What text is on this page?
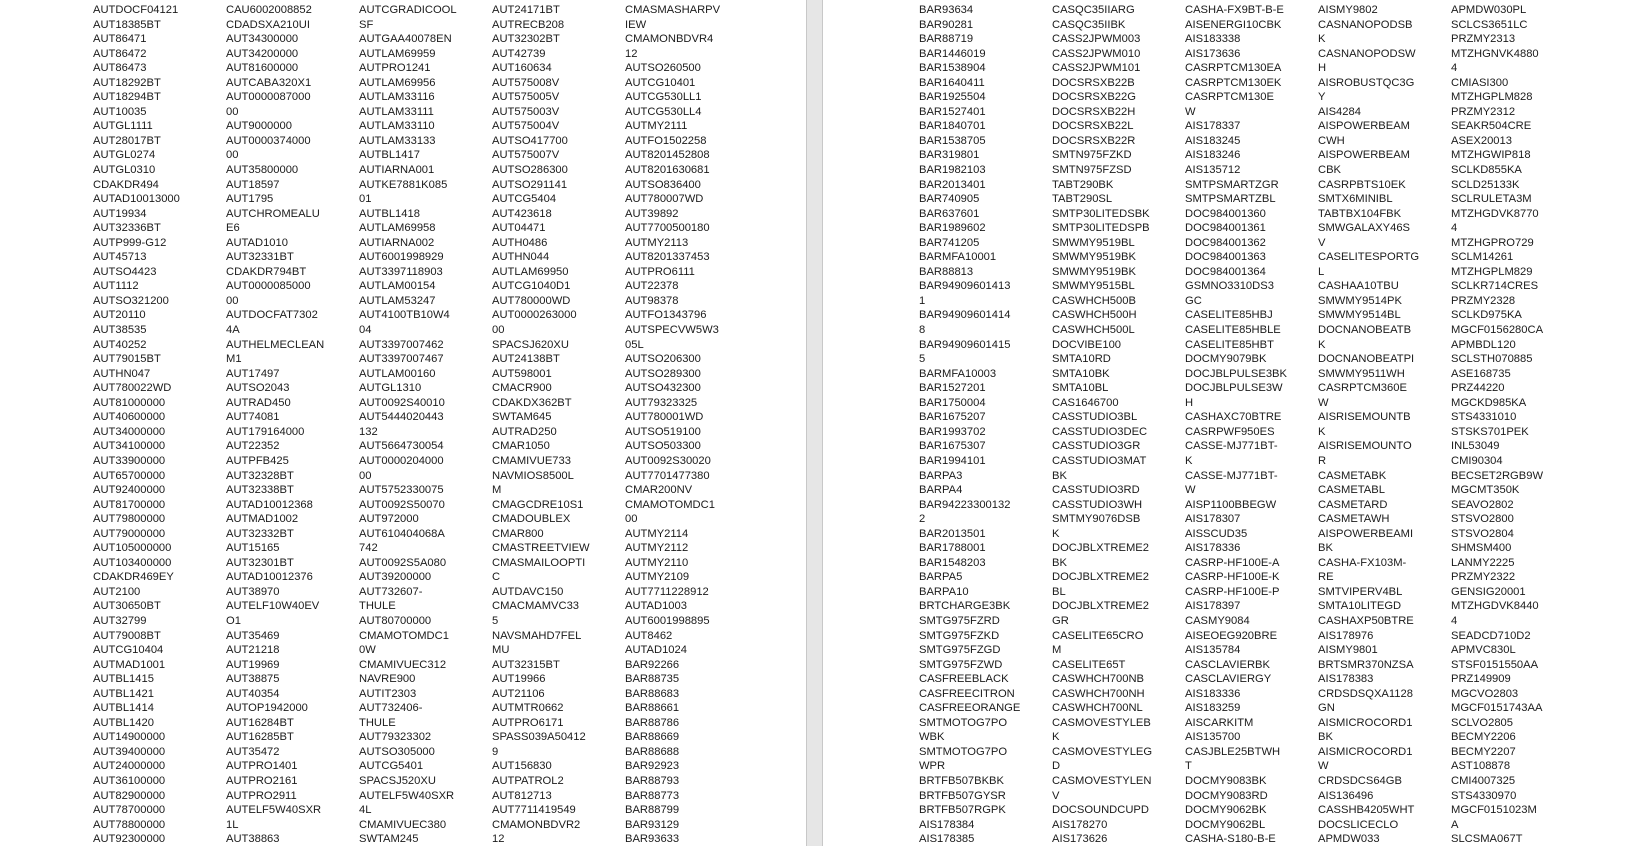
AUTDOCF04121
AUT18385BT
AUT86471
AUT86472
AUT86473
AUT18292BT
AUT18294BT
AUT10035
AUTGL1111
AUT28017BT
AUTGL0274
AUTGL0310
CDAKDR494
AUTAD10013000
AUT19934
AUT32336BT
AUTP999-G12
AUT45713
AUTSO4423
AUT1112
AUTSO321200
AUT20110
AUT38535
AUT40252
AUT79015BT
AUTHN047
AUT780022WD
AUT81000000
AUT40600000
AUT34000000
AUT34100000
AUT33900000
AUT65700000
AUT92400000
AUT81700000
AUT79800000
AUT79000000
AUT105000000
AUT103400000
CDAKDR469EY
AUT2100
AUT30650BT
AUT32799
AUT79008BT
AUTCG10404
AUTMAD1001
AUTBL1415
AUTBL1421
AUTBL1414
AUTBL1420
AUT14900000
AUT39400000
AUT24000000
AUT36100000
AUT82900000
AUT78700000
AUT78800000
AUT92300000
CAU6002008852
CDADSXA210UI
AUT34300000
AUT34200000
AUT81600000
AUTCABA320X1
AUT0000087000
00
AUT9000000
AUT0000374000
00
AUT35800000
AUT18597
AUT1795
AUTCHROMEALU
E6
AUTAD1010
AUT32331BT
CDAKDR794BT
AUT0000085000
00
AUTDOCFAT7302
4A
AUTHELMECLEAN
M1
AUT17497
AUTSO2043
AUTRAD450
AUT74081
AUT179164000
AUT22352
AUTPFB425
AUT32328BT
AUT32338BT
AUTAD10012368
AUTMAD1002
AUT32332BT
AUT15165
AUT32301BT
AUTAD10012376
AUT38970
AUTELF10W40EV
O1
AUT35469
AUT21218
AUT19969
AUT38875
AUT40354
AUTOP1942000
AUT16284BT
AUT16285BT
AUT35472
AUTPRO1401
AUTPRO2161
AUTPRO2911
AUTELF5W40SXR
1L
AUT38863
AUTCGRADICOOL
SF
AUTGAA40078EN
AUTLAM69959
AUTPRO1241
AUTLAM69956
AUTLAM33116
AUTLAM33111
AUTLAM33110
AUTLAM33133
AUTBL1417
AUTIARNA001
AUTKE7881K085
01
AUTBL1418
AUTLAM69958
AUTIARNA002
AUT6001998929
AUT3397118903
AUTLAM00154
AUTLAM53247
AUT4100TB10W4
04
AUT3397007462
AUT3397007467
AUTLAM00160
AUTGL1310
AUT0092S40010
AUT5444020443
132
AUT5664730054
AUT0000204000
00
AUT5752330075
AUT0092S50070
AUT972000
AUT610404068A
742
AUT0092S5A080
AUT39200000
AUT732607-
THULE
AUT80700000
CMAMOTOMDC1
0W
CMAMIVUEC312
NAVRE900
AUTIT2303
AUT732406-
THULE
AUT79323302
AUTSO305000
AUTCG5401
SPACSJ520XU
AUTELF5W40SXR
4L
CMAMIVUEC380
SWTAM245
AUT24171BT
AUTRECB208
AUT32302BT
AUT42739
AUT160634
AUT575008V
AUT575005V
AUT575003V
AUT575004V
AUTSO417700
AUT575007V
AUTSO286300
AUTSO291141
AUTCG5404
AUT423618
AUT04471
AUTH0486
AUTHN044
AUTLAM69950
AUTCG1040D1
AUT780000WD
AUT0000263000
00
SPACSJ620XU
AUT24138BT
AUT598001
CMACR900
CDAKDX362BT
SWTAM645
AUTRAD250
CMAR1050
CMAMIVUE733
NAVMIOS8500L
M
CMAGCDRE10S1
CMADOUBLEX
CMAR800
CMASTREETVIEW
CMASMAILOOPTI
C
AUTDAVC150
CMACMAMVC33
5
NAVSMAHD7FEL
MU
AUT32315BT
AUT19966
AUT21106
AUTMTR0662
AUTPRO6171
SPASS039A50412
9
AUT156830
AUTPATROL2
AUT812713
AUT7711419549
CMAMONBDVR2
12
CMASMASHARPV
IEW
CMAMONBDVR4
12
AUTSO260500
AUTCG10401
AUTCG530LL1
AUTCG530LL4
AUTMY2111
AUTFO1502258
AUT8201452808
AUT8201630681
AUTSO836400
AUT780007WD
AUT39892
AUT7700500180
AUTMY2113
AUT8201337453
AUTPRO6111
AUT22378
AUT98378
AUTFO1343796
AUTSPECVW5W3
05L
AUTSO206300
AUTSO289300
AUTSO432300
AUT79323325
AUT780001WD
AUTSO519100
AUTSO503300
AUT0092S30020
AUT7701477380
CMAR200NV
CMAMOTOMDC1
00
AUTMY2114
AUTMY2112
AUTMY2110
AUTMY2109
AUT7711228912
AUTAD1003
AUT6001998895
AUT8462
AUTAD1024
BAR92266
BAR88735
BAR88683
BAR88661
BAR88786
BAR88669
BAR88688
BAR92923
BAR88793
BAR88773
BAR88799
BAR93129
BAR93633
BAR93634
BAR90281
BAR88719
BAR1446019
BAR1538904
BAR1640411
BAR1925504
BAR1527401
BAR1840701
BAR1538705
BAR319801
BAR1982103
BAR2013401
BAR740905
BAR637601
BAR1989602
BAR741205
BARMFA10001
BAR88813
BAR94909601413
1
BAR94909601414
8
BAR94909601415
5
BARMFA10003
BAR1527201
BAR1750004
BAR1675207
BAR1993702
BAR1675307
BAR1994101
BARPA3
BARPA4
BAR94223300132
2
BAR2013501
BAR1788001
BAR1548203
BARPA5
BARPA10
BRTCHARGE3BK
SMTG975FZRD
SMTG975FZKD
SMTG975FZGD
SMTG975FZWD
CASFREEBLACK
CASFREECITRON
CASFREEORANGE
SMTMOTOG7PO
WBK
SMTMOTOG7PO
WPR
BRTFB507BKBK
BRTFB507GYSR
BRTFB507RGPK
AIS178384
AIS178385
CASQC35IIARG
CASQC35IIBK
CASS2JPWM003
CASS2JPWM010
CASS2JPWM101
DOCSRSXB22B
DOCSRSXB22G
DOCSRSXB22H
DOCSRSXB22L
DOCSRSXB22R
SMTN975FZKD
SMTN975FZSD
TABT290BK
TABT290SL
SMTP30LITEDSBK
SMTP30LITEDSPB
SMWMY9519BL
SMWMY9519BK
SMWMY9519BK
SMWMY9515BL
CASWHCH500B
CASWHCH500H
CASWHCH500L
DOCVIBE100
SMTA10RD
SMTA10BK
SMTA10BL
CAS1646700
CASSTUDIO3BL
CASSTUDIO3DEC
CASSTUDIO3GR
CASSTUDIO3MAT
BK
CASSTUDIO3RD
CASSTUDIO3WH
SMTMY9076DSB
K
DOCJBLXTREME2
BK
DOCJBLXTREME2
BL
DOCJBLXTREME2
GR
CASELITE65CRO
M
CASELITE65T
CASWHCH700NB
CASWHCH700NH
CASWHCH700NL
CASMOVESTYLEB
K
CASMOVESTYLEG
D
CASMOVESTYLEN
V
DOCSOUNDCUPD
AIS178270
AIS173626
CASHA-FX9BT-B-E
AISENERGI10CBK
AIS183338
AIS173636
CASRPTCM130EA
CASRPTCM130EK
CASRPTCM130E
W
AIS178337
AIS183245
AIS183246
AIS135712
SMTPSMARTZGR
SMTPSMARTZBL
DOC984001360
DOC984001361
DOC984001362
DOC984001363
DOC984001364
GSMNO3310DS3
GC
CASELITE85HBJ
CASELITE85HBLE
CASELITE85HBT
DOCMY9079BK
DOCJBLPULSE3BK
DOCJBLPULSE3W
H
CASHAXC70BTRE
CASRPWF950ES
CASSE-MJ771BT-
K
CASSE-MJ771BT-
W
AISP1100BBEGW
AIS178307
AISSCUD35
AIS178336
CASRP-HF100E-A
CASRP-HF100E-K
CASRP-HF100E-P
AIS178397
CASMY9084
AISEOEG920BRE
AIS135784
CASCLAVIERBK
CASCLAVIERGY
AIS183336
AIS183259
AISCARKITM
AIS135700
CASJBLE25BTWH
T
DOCMY9083BK
DOCMY9083RD
DOCMY9062BK
DOCMY9062BL
CASHA-S180-B-E
AISMY9802
CASNANOPODSB
K
CASNANOPODSW
H
AISROBUSTQC3G
Y
AIS4284
AISPOWERBEAM
CWH
AISPOWERBEAM
CBK
CASRPBTS10EK
SMTX6MINIBL
TABTBX104FBK
SMWGALAXY46S
V
CASELITESPORTG
L
CASHAA10TBU
SMWMY9514PK
SMWMY9514BL
DOCNANOBEATB
K
DOCNANOBEATPI
SMWMY9511WH
CASRPTCM360E
W
AISRISEMOUNTB
K
AISRISEMOUNTO
R
CASMETABK
CASMETABL
CASMETARD
CASMETAWH
AISPOWERBEAMI
BK
CASHA-FX103M-
RE
SMTVIPERV4BL
SMTA10LITEGD
CASHAXP50BTRE
AIS178976
AISMY9801
BRTSMR370NZSA
AIS178383
CRDSDSQXA1128
GN
AISMICROCORD1
BK
AISMICROCORD1
W
CRDSDCS64GB
AIS136496
CASSHB4205WHT
DOCSLICECLO
APMDW033
APMDW030PL
SCLCS3651LC
PRZMY2313
MTZHGNVK4880
4
CMIASI300
MTZHGPLM828
PRZMY2312
SEAKR504CRE
ASEX20013
MTZHGWIP818
SCLKD855KA
SCLD25133K
SCLRULETA3M
MTZHGDVK8770
4
MTZHGPRO729
SCLM14261
MTZHGPLM829
SCLKR714CRES
PRZMY2328
SCLKD975KA
MGCF0156280CA
APMBDL120
SCLSTH070885
ASE168735
PRZ44220
MGCKD985KA
STS4331010
STSKS701PEK
INL53049
CMI90304
BECSET2RGB9W
MGCMT350K
SEAVO2802
STSVO2800
STSVO2804
SHMSM400
LANMY2225
PRZMY2322
GENSIG20001
MTZHGDVK8440
4
SEADCD710D2
APMVC830L
STSF0151550AA
PRZ149909
MGCVO2803
MGCF0151743AA
SCLVO2805
BECMY2206
BECMY2207
AST108878
CMI4007325
STS4330970
MGCF0151023M
A
SLCSMA067T
